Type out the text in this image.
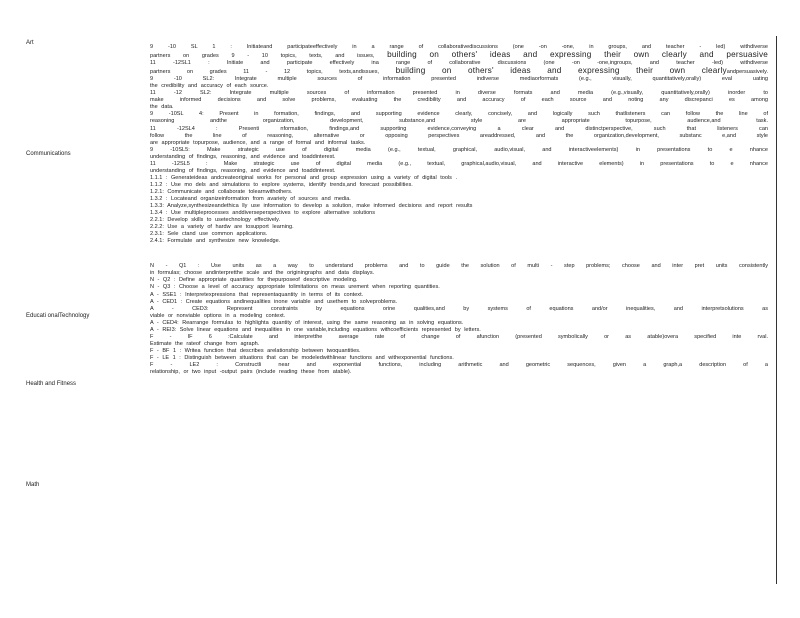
Art
Communications
Educati onalTechnology
Health and Fitness
Math

9 -10 SL 1 : Initiateand participateeffectively in a range of collaborativediscussions (one -on -one, in groups, and teacher - led) withdiverse

partners on grades 9 - 10 topics, texts, and issues, building on others' ideas and expressing their own clearly and persuasive

11 -12SL1 : Initiate and participate effectively ina range of collaborative discussions (one -on -one,ingroups, and teacher -led) withdiverse

partners on grades 11 - 12 topics, texts,andissues, building on others' ideas and expressing their own clearlyandpersuasively.

9 -10 SL2: Integrate multiple sources of information presented indiverse mediaorformats (e.g., visually, quantitatively,orally) eval uating

the credibility and accuracy of each source.

11 -12 SL2: Integrate multiple sources of information presented in diverse formats and media (e.g.,visually, quantitatively,orally) inorder to

make informed decisions and solve problems, evaluating the credibility and accuracy of each source and noting any discrepanci es among

the data.

9 -10SL 4: Present in formation, findings, and supporting evidence clearly, concisely, and logically such thatlisteners can follow the line of

reasoning andthe organization, development, substance,and style are appropriate topurpose, audience,and task.

11 -12SL4 : Presenti nformation, findings,and supporting evidence,conveying a clear and distinctperspective, such that listeners can

follow the line of reasoning, alternative or opposing perspectives areaddressed, and the organization,development, substanc e,and style

are appropriate topurpose, audience, and a range of formal and informal tasks.

9 -10SL5: Make strategic use of digital media (e.g., textual, graphical, audio,visual, and interactiveelements) in presentations to e nhance

understanding of findings, reasoning, and evidence and toaddinterest.

11 -12SL5 : Make strategic use of digital media (e.g., textual, graphical,audio,visual, and interactive elements) in presentations to e nhance

understanding of findings, reasoning, and evidence and toaddinterest.

1.1.1 : Generateideas andcreateoriginal works for personal and group expression using a variety of digital tools .

1.1.2 : Use mo dels and simulations to explore systems, identify trends,and forecast possibilities.

1.2.1: Communicate and collaborate tolearnwithothers.

1.3.2 : Locateand organizeinformation from avariety of sources and media.

1.3.3: Analyze,synthesizeandethica lly use information to develop a solution, make informed decisions and report results

1.3.4 : Use multipleprocesses anddiverseperspectives to explore alternative solutions

2.2.1: Develop skills to usetechnology effectively.

2.2.2: Use a variety of hardw are tosupport learning.

2.3.1: Sele ctand use common applications.

2.4.1: Formulate and synthesize new knowledge.

N - Q1 : Use units as a way to understand problems and to guide the solution of multi - step problems; choose and inter pret units consistently

in formulas; choose andinterpretthe scale and the originingraphs and data displays.

N - Q2 : Define appropriate quantities for thepurposeof descriptive modeling.

N - Q3 : Choose a level of accuracy appropriate tolimitations on meas urement when reporting quantities.

A - SSE1 : Interpretexpressions that representaquantity in terms of its context.

A - CED1 : Create equations andinequalities inone variable and usethem to solveproblems.

A - CED3: Represent constraints by equations orine qualities,and by systems of equations and/or inequalities, and interpretsolutions as

viable or nonviable options in a modeling context.

A - CED4: Rearrange formulas to highlighta quantity of interest, using the same reasoning as in solving equations.

A - REI3: Solve linear equations and inequalities in one variable,including equations withcoefficients represented by letters.

F - IF 6 :Calculate and interpretthe average rate of change of afunction (presented symbolically or as atable)overa specified inte rval.

Estimate the rateof change from agraph.

F - BF 1 : Writea function that describes arelationship between twoquantities.

F - LE 1 : Distinguish between situations that can be modeledwithlinear functions and withexponential functions.

F - LE2 : Constructli near and exponential functions, including arithmetic and geometric sequences, given a graph,a description of a

relationship, or two input -output pairs (include reading these from atable).
